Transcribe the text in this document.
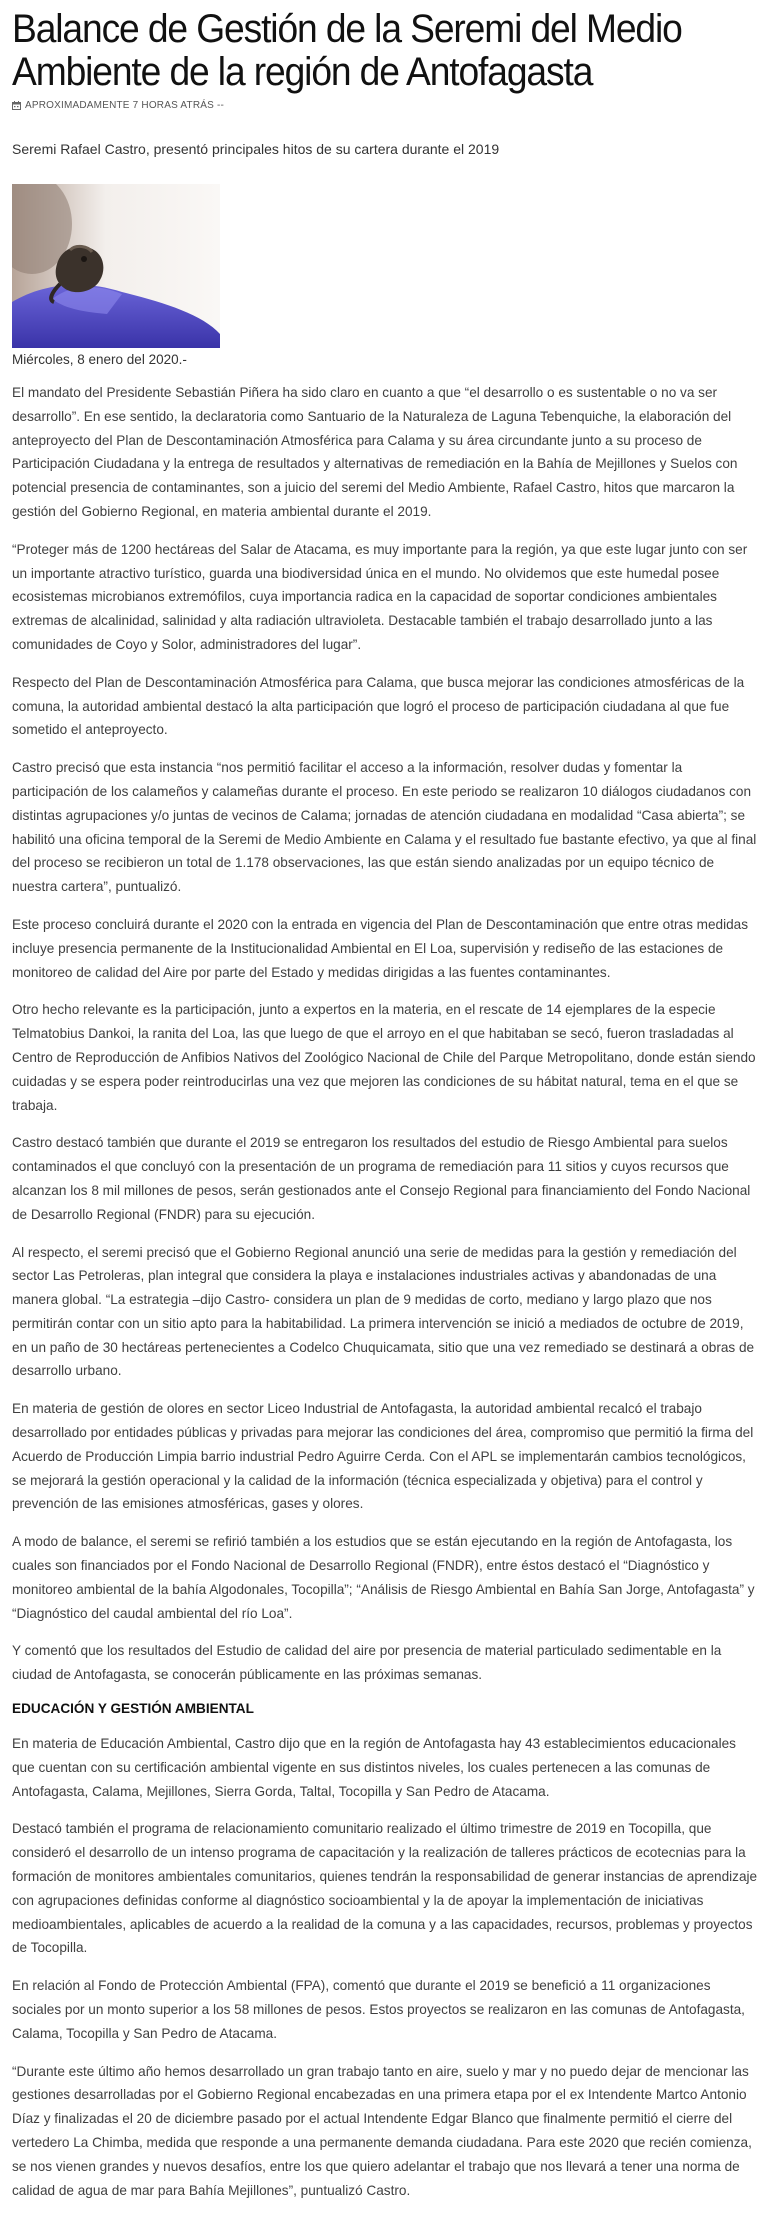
Balance de Gestión de la Seremi del Medio Ambiente de la región de Antofagasta
APROXIMADAMENTE 7 HORAS ATRÁS --
Seremi Rafael Castro, presentó principales hitos de su cartera durante el 2019
Miércoles, 8 enero del 2020.-

El mandato del Presidente Sebastián Piñera ha sido claro en cuanto a que “el desarrollo o es sustentable o no va ser desarrollo”. En ese sentido, la declaratoria como Santuario de la Naturaleza de Laguna Tebenquiche, la elaboración del anteproyecto del Plan de Descontaminación Atmosférica para Calama y su área circundante junto a su proceso de Participación Ciudadana y la entrega de resultados y alternativas de remediación en la Bahía de Mejillones y Suelos con potencial presencia de contaminantes, son a juicio del seremi del Medio Ambiente, Rafael Castro, hitos que marcaron la gestión del Gobierno Regional, en materia ambiental durante el 2019.

“Proteger más de 1200 hectáreas del Salar de Atacama, es muy importante para la región, ya que este lugar junto con ser un importante atractivo turístico, guarda una biodiversidad única en el mundo. No olvidemos que este humedal posee ecosistemas microbianos extremófilos, cuya importancia radica en la capacidad de soportar condiciones ambientales extremas de alcalinidad, salinidad y alta radiación ultravioleta. Destacable también el trabajo desarrollado junto a las comunidades de Coyo y Solor, administradores del lugar”.

Respecto del Plan de Descontaminación Atmosférica para Calama, que busca mejorar las condiciones atmosféricas de la comuna, la autoridad ambiental destacó la alta participación que logró el proceso de participación ciudadana al que fue sometido el anteproyecto.

Castro precisó que esta instancia “nos permitió facilitar el acceso a la información, resolver dudas y fomentar la participación de los calameños y calameñas durante el proceso. En este periodo se realizaron 10 diálogos ciudadanos con distintas agrupaciones y/o juntas de vecinos de Calama; jornadas de atención ciudadana en modalidad “Casa abierta”; se habilitó una oficina temporal de la Seremi de Medio Ambiente en Calama y el resultado fue bastante efectivo, ya que al final del proceso se recibieron un total de 1.178 observaciones, las que están siendo analizadas por un equipo técnico de nuestra cartera”, puntualizó.

Este proceso concluirá durante el 2020 con la entrada en vigencia del Plan de Descontaminación que entre otras medidas incluye presencia permanente de la Institucionalidad Ambiental en El Loa, supervisión y rediseño de las estaciones de monitoreo de calidad del Aire por parte del Estado y medidas dirigidas a las fuentes contaminantes.

Otro hecho relevante es la participación, junto a expertos en la materia, en el rescate de 14 ejemplares de la especie Telmatobius Dankoi, la ranita del Loa, las que luego de que el arroyo en el que habitaban se secó, fueron trasladadas al Centro de Reproducción de Anfibios Nativos del Zoológico Nacional de Chile del Parque Metropolitano, donde están siendo cuidadas y se espera poder reintroducirlas una vez que mejoren las condiciones de su hábitat natural, tema en el que se trabaja.

Castro destacó también que durante el 2019 se entregaron los resultados del estudio de Riesgo Ambiental para suelos contaminados el que concluyó con la presentación de un programa de remediación para 11 sitios y cuyos recursos que alcanzan los 8 mil millones de pesos, serán gestionados ante el Consejo Regional para financiamiento del Fondo Nacional de Desarrollo Regional (FNDR) para su ejecución.

Al respecto, el seremi precisó que el Gobierno Regional anunció una serie de medidas para la gestión y remediación del sector Las Petroleras, plan integral que considera la playa e instalaciones industriales activas y abandonadas de una manera global. “La estrategia –dijo Castro- considera un plan de 9 medidas de corto, mediano y largo plazo que nos permitirán contar con un sitio apto para la habitabilidad. La primera intervención se inició a mediados de octubre de 2019, en un paño de 30 hectáreas pertenecientes a Codelco Chuquicamata, sitio que una vez remediado se destinará a obras de desarrollo urbano.

En materia de gestión de olores en sector Liceo Industrial de Antofagasta, la autoridad ambiental recalcó el trabajo desarrollado por entidades públicas y privadas para mejorar las condiciones del área, compromiso que permitió la firma del Acuerdo de Producción Limpia barrio industrial Pedro Aguirre Cerda. Con el APL se implementarán cambios tecnológicos, se mejorará la gestión operacional y la calidad de la información (técnica especializada y objetiva) para el control y prevención de las emisiones atmosféricas, gases y olores.

A modo de balance, el seremi se refirió también a los estudios que se están ejecutando en la región de Antofagasta, los cuales son financiados por el Fondo Nacional de Desarrollo Regional (FNDR), entre éstos destacó el “Diagnóstico y monitoreo ambiental de la bahía Algodonales, Tocopilla”; “Análisis de Riesgo Ambiental en Bahía San Jorge, Antofagasta” y “Diagnóstico del caudal ambiental del río Loa”.

Y comentó que los resultados del Estudio de calidad del aire por presencia de material particulado sedimentable en la ciudad de Antofagasta, se conocerán públicamente en las próximas semanas.

EDUCACIÓN Y GESTIÓN AMBIENTAL

En materia de Educación Ambiental, Castro dijo que en la región de Antofagasta hay 43 establecimientos educacionales que cuentan con su certificación ambiental vigente en sus distintos niveles, los cuales pertenecen a las comunas de Antofagasta, Calama, Mejillones, Sierra Gorda, Taltal, Tocopilla y San Pedro de Atacama.

Destacó también el programa de relacionamiento comunitario realizado el último trimestre de 2019 en Tocopilla, que consideró el desarrollo de un intenso programa de capacitación y la realización de talleres prácticos de ecotecnias para la formación de monitores ambientales comunitarios, quienes tendrán la responsabilidad de generar instancias de aprendizaje con agrupaciones definidas conforme al diagnóstico socioambiental y la de apoyar la implementación de iniciativas medioambientales, aplicables de acuerdo a la realidad de la comuna y a las capacidades, recursos, problemas y proyectos de Tocopilla.

En relación al Fondo de Protección Ambiental (FPA), comentó que durante el 2019 se benefició a 11 organizaciones sociales por un monto superior a los 58 millones de pesos. Estos proyectos se realizaron en las comunas de Antofagasta, Calama, Tocopilla y San Pedro de Atacama.

“Durante este último año hemos desarrollado un gran trabajo tanto en aire, suelo y mar y no puedo dejar de mencionar las gestiones desarrolladas por el Gobierno Regional encabezadas en una primera etapa por el ex Intendente Martco Antonio Díaz y finalizadas el 20 de diciembre pasado por el actual Intendente Edgar Blanco que finalmente permitió el cierre del vertedero La Chimba, medida que responde a una permanente demanda ciudadana. Para este 2020 que recién comienza, se nos vienen grandes y nuevos desafíos, entre los que quiero adelantar el trabajo que nos llevará a tener una norma de calidad de agua de mar para Bahía Mejillones”, puntualizó Castro.
